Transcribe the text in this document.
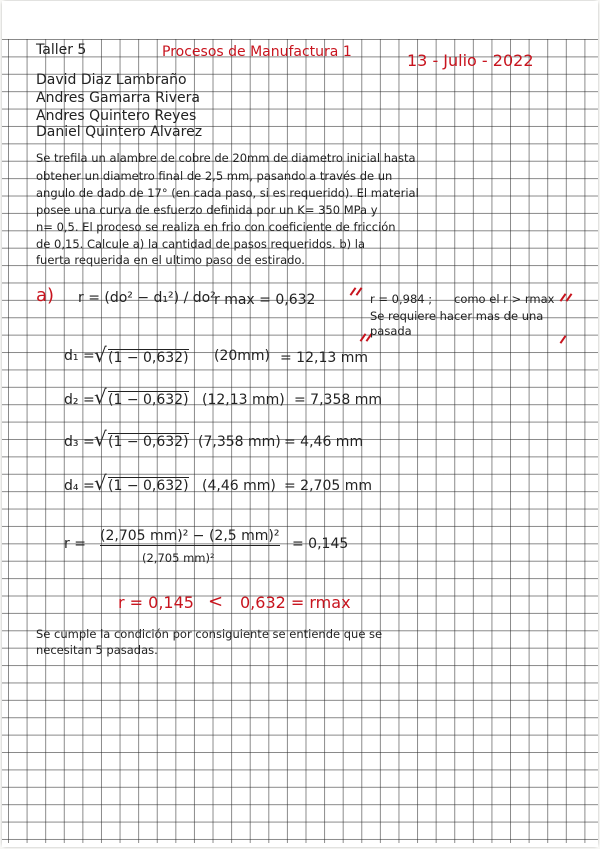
Taller 5	Procesos de Manufactura 1	13 - Julio - 2022
David Diaz Lambraño
Andres Gamarra Rivera
Andres Quintero Reyes
Daniel Quintero Alvarez
Se trefila un alambre de cobre de 20mm de diametro inicial hasta
obtener un diametro final de 2,5 mm, pasando a través de un
angulo de dado de 17° (en cada paso, si es requerido). El material
posee una curva de esfuerzo definida por un K= 350 MPa y
n= 0,5. El proceso se realiza en frio con coeficiente de fricción
de 0,15. Calcule a) la cantidad de pasos requeridos. b) la
fuerta requerida en el ultimo paso de estirado.
a) r = (do² − d₁²) / do²
r max = 0,632	r = 0,984 ; como el r > rmax
Se requiere hacer mas de una
pasada
d₁ = √ (1 − 0,632) (20mm) = 12,13 mm
d₂ = √ (1 − 0,632) (12,13 mm) = 7,358 mm
d₃ = √ (1 − 0,632) (7,358 mm) = 4,46 mm
d₄ = √ (1 − 0,632) (4,46 mm) = 2,705 mm
r = (2,705 mm)² − (2,5 mm)²
(2,705 mm)²
= 0,145
r = 0,145 < 0,632 = rmax
Se cumple la condición por consiguiente se entiende que se
necesitan 5 pasadas.
